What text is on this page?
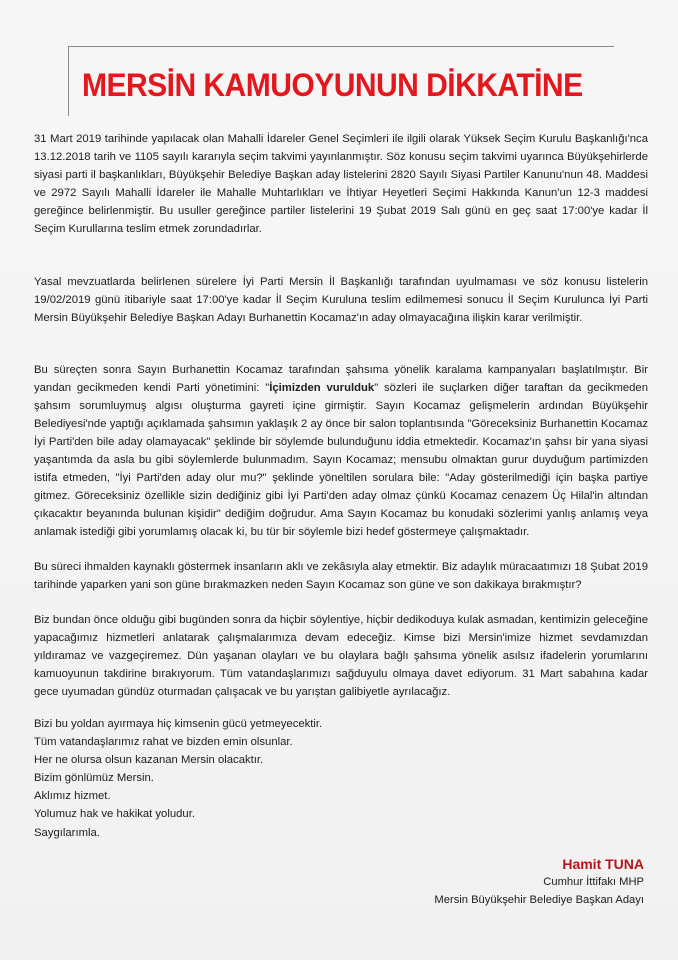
MERSİN KAMUOYUNUN DİKKATİNE

31 Mart 2019 tarihinde yapılacak olan Mahalli İdareler Genel Seçimleri ile ilgili olarak Yüksek Seçim Kurulu Başkanlığı'nca 13.12.2018 tarih ve 1105 sayılı kararıyla seçim takvimi yayınlanmıştır. Söz konusu seçim takvimi uyarınca Büyükşehirlerde siyasi parti il başkanlıkları, Büyükşehir Belediye Başkan aday listelerini 2820 Sayılı Siyasi Partiler Kanunu'nun 48. Maddesi ve 2972 Sayılı Mahalli İdareler ile Mahalle Muhtarlıkları ve İhtiyar Heyetleri Seçimi Hakkında Kanun'un 12-3 maddesi gereğince belirlenmiştir. Bu usuller gereğince partiler listelerini 19 Şubat 2019 Salı günü en geç saat 17:00'ye kadar İl Seçim Kurullarına teslim etmek zorundadırlar.

Yasal mevzuatlarda belirlenen sürelere İyi Parti Mersin İl Başkanlığı tarafından uyulmaması ve söz konusu listelerin 19/02/2019 günü itibariyle saat 17:00'ye kadar İl Seçim Kuruluna teslim edilmemesi sonucu İl Seçim Kurulunca İyi Parti Mersin Büyükşehir Belediye Başkan Adayı Burhanettin Kocamaz'ın aday olmayacağına ilişkin karar verilmiştir.

Bu süreçten sonra Sayın Burhanettin Kocamaz tarafından şahsıma yönelik karalama kampanyaları başlatılmıştır. Bir yandan gecikmeden kendi Parti yönetimini: "İçimizden vurulduk" sözleri ile suçlarken diğer taraftan da gecikmeden şahsım sorumluymuş algısı oluşturma gayreti içine girmiştir. Sayın Kocamaz gelişmelerin ardından Büyükşehir Belediyesi'nde yaptığı açıklamada şahsımın yaklaşık 2 ay önce bir salon toplantısında "Göreceksiniz Burhanettin Kocamaz İyi Parti'den bile aday olamayacak" şeklinde bir söylemde bulunduğunu iddia etmektedir. Kocamaz'ın şahsı bir yana siyasi yaşantımda da asla bu gibi söylemlerde bulunmadım. Sayın Kocamaz; mensubu olmaktan gurur duyduğum partimizden istifa etmeden, "İyi Parti'den aday olur mu?" şeklinde yöneltilen sorulara bile: "Aday gösterilmediği için başka partiye gitmez. Göreceksiniz özellikle sizin dediğiniz gibi İyi Parti'den aday olmaz çünkü Kocamaz cenazem Üç Hilal'in altından çıkacaktır beyanında bulunan kişidir" dediğim doğrudur. Ama Sayın Kocamaz bu konudaki sözlerimi yanlış anlamış veya anlamak istediği gibi yorumlamış olacak ki, bu tür bir söylemle bizi hedef göstermeye çalışmaktadır.

Bu süreci ihmalden kaynaklı göstermek insanların aklı ve zekâsıyla alay etmektir. Biz adaylık müracaatımızı 18 Şubat 2019 tarihinde yaparken yani son güne bırakmazken neden Sayın Kocamaz son güne ve son dakikaya bırakmıştır?

Biz bundan önce olduğu gibi bugünden sonra da hiçbir söylentiye, hiçbir dedikoduya kulak asmadan, kentimizin geleceğine yapacağımız hizmetleri anlatarak çalışmalarımıza devam edeceğiz. Kimse bizi Mersin'imize hizmet sevdamızdan yıldıramaz ve vazgeçiremez. Dün yaşanan olayları ve bu olaylara bağlı şahsıma yönelik asılsız ifadelerin yorumlarını kamuoyunun takdirine bırakıyorum. Tüm vatandaşlarımızı sağduyulu olmaya davet ediyorum. 31 Mart sabahına kadar gece uyumadan gündüz oturmadan çalışacak ve bu yarıştan galibiyetle ayrılacağız.

Bizi bu yoldan ayırmaya hiç kimsenin gücü yetmeyecektir.
Tüm vatandaşlarımız rahat ve bizden emin olsunlar.
Her ne olursa olsun kazanan Mersin olacaktır.
Bizim gönlümüz Mersin.
Aklımız hizmet.
Yolumuz hak ve hakikat yoludur.
Saygılarımla.
Hamit TUNA
Cumhur İttifakı MHP
Mersin Büyükşehir Belediye Başkan Adayı
